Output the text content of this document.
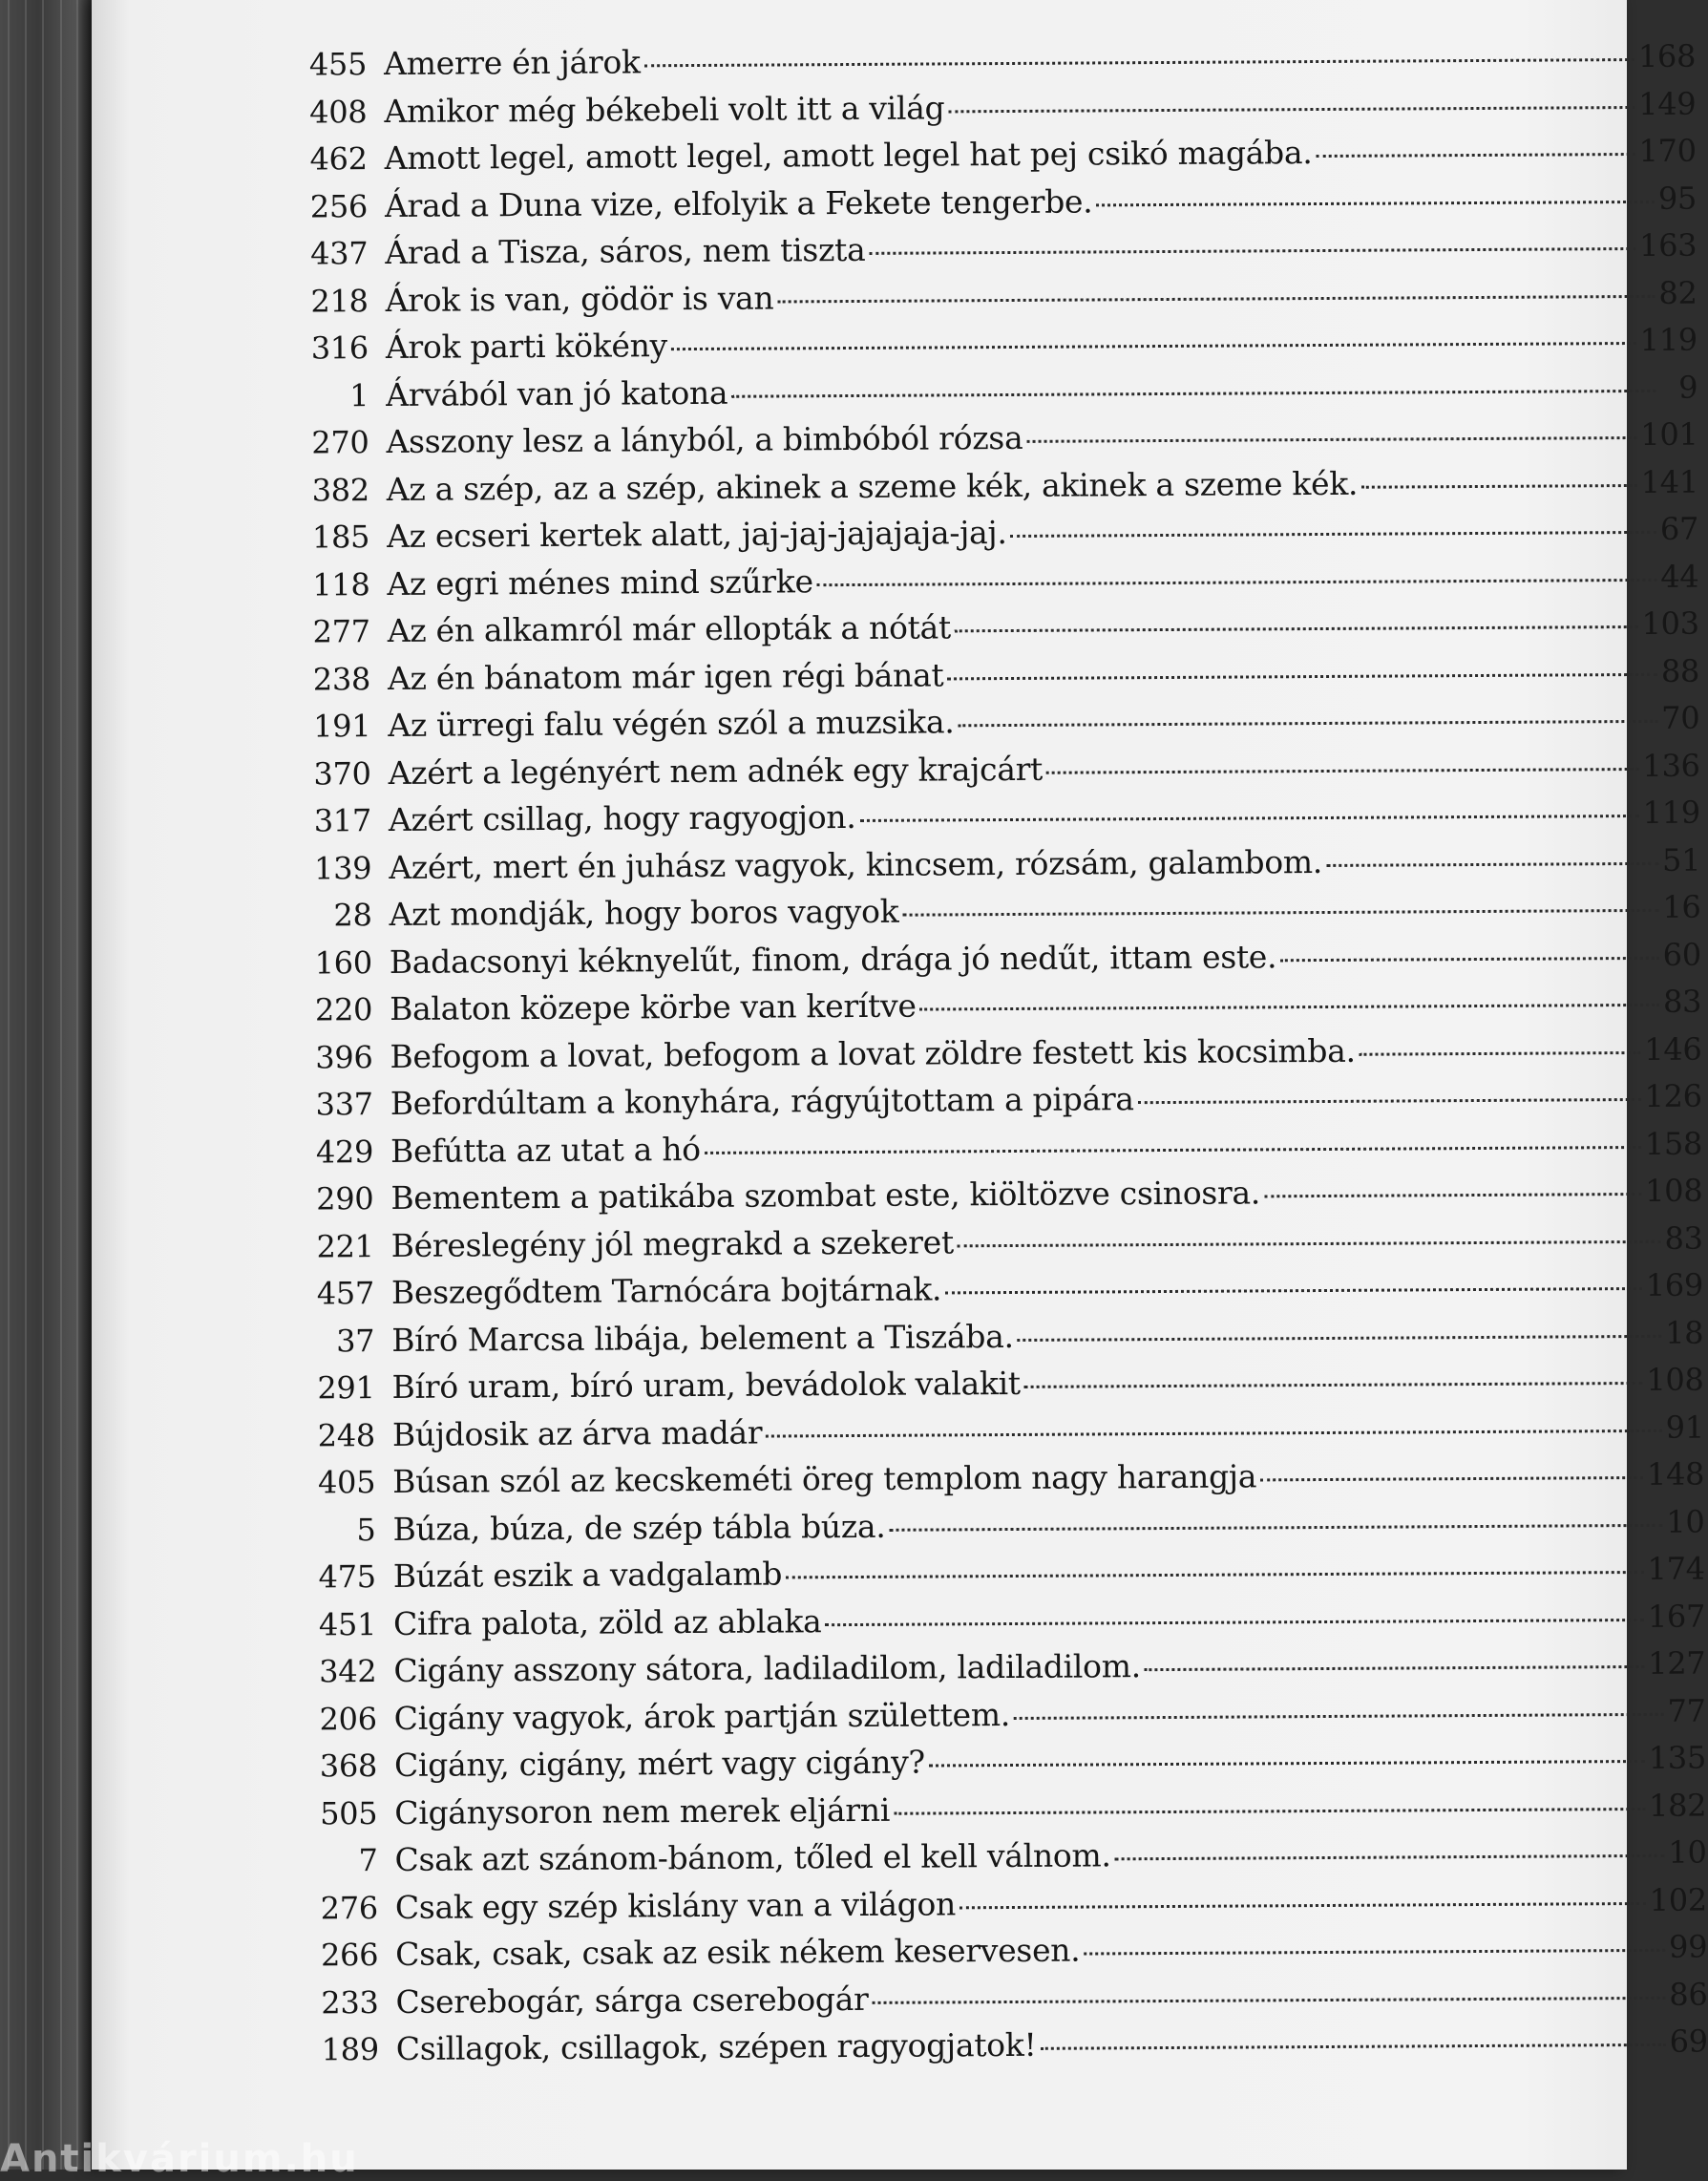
455 Amerre én járok	168
408 Amikor még békebeli volt itt a világ	149
462 Amott legel, amott legel, amott legel hat pej csikó magába.	170
256 Árad a Duna vize, elfolyik a Fekete tengerbe.	95
437 Árad a Tisza, sáros, nem tiszta	163
218 Árok is van, gödör is van	82
316 Árok parti kökény	119
1 Árvából van jó katona	9
270 Asszony lesz a lányból, a bimbóból rózsa	101
382 Az a szép, az a szép, akinek a szeme kék, akinek a szeme kék.	141
185 Az ecseri kertek alatt, jaj-jaj-jajajaja-jaj.	67
118 Az egri ménes mind szűrke	44
277 Az én alkamról már ellopták a nótát	103
238 Az én bánatom már igen régi bánat	88
191 Az ürregi falu végén szól a muzsika.	70
370 Azért a legényért nem adnék egy krajcárt	136
317 Azért csillag, hogy ragyogjon.	119
139 Azért, mert én juhász vagyok, kincsem, rózsám, galambom.	51
28 Azt mondják, hogy boros vagyok	16
160 Badacsonyi kéknyelűt, finom, drága jó nedűt, ittam este.	60
220 Balaton közepe körbe van kerítve	83
396 Befogom a lovat, befogom a lovat zöldre festett kis kocsimba.	146
337 Befordúltam a konyhára, rágyújtottam a pipára	126
429 Befútta az utat a hó	158
290 Bementem a patikába szombat este, kiöltözve csinosra.	108
221 Béreslegény jól megrakd a szekeret	83
457 Beszegődtem Tarnócára bojtárnak.	169
37 Bíró Marcsa libája, belement a Tiszába.	18
291 Bíró uram, bíró uram, bevádolok valakit	108
248 Bújdosik az árva madár	91
405 Búsan szól az kecskeméti öreg templom nagy harangja	148
5 Búza, búza, de szép tábla búza.	10
475 Búzát eszik a vadgalamb	174
451 Cifra palota, zöld az ablaka	167
342 Cigány asszony sátora, ladiladilom, ladiladilom.	127
206 Cigány vagyok, árok partján születtem.	77
368 Cigány, cigány, mért vagy cigány?	135
505 Cigánysoron nem merek eljárni	182
7 Csak azt szánom-bánom, tőled el kell válnom.	10
276 Csak egy szép kislány van a világon	102
266 Csak, csak, csak az esik nékem keservesen.	99
233 Cserebogár, sárga cserebogár	86
189 Csillagok, csillagok, szépen ragyogjatok!	69
Antikvárium.hu
